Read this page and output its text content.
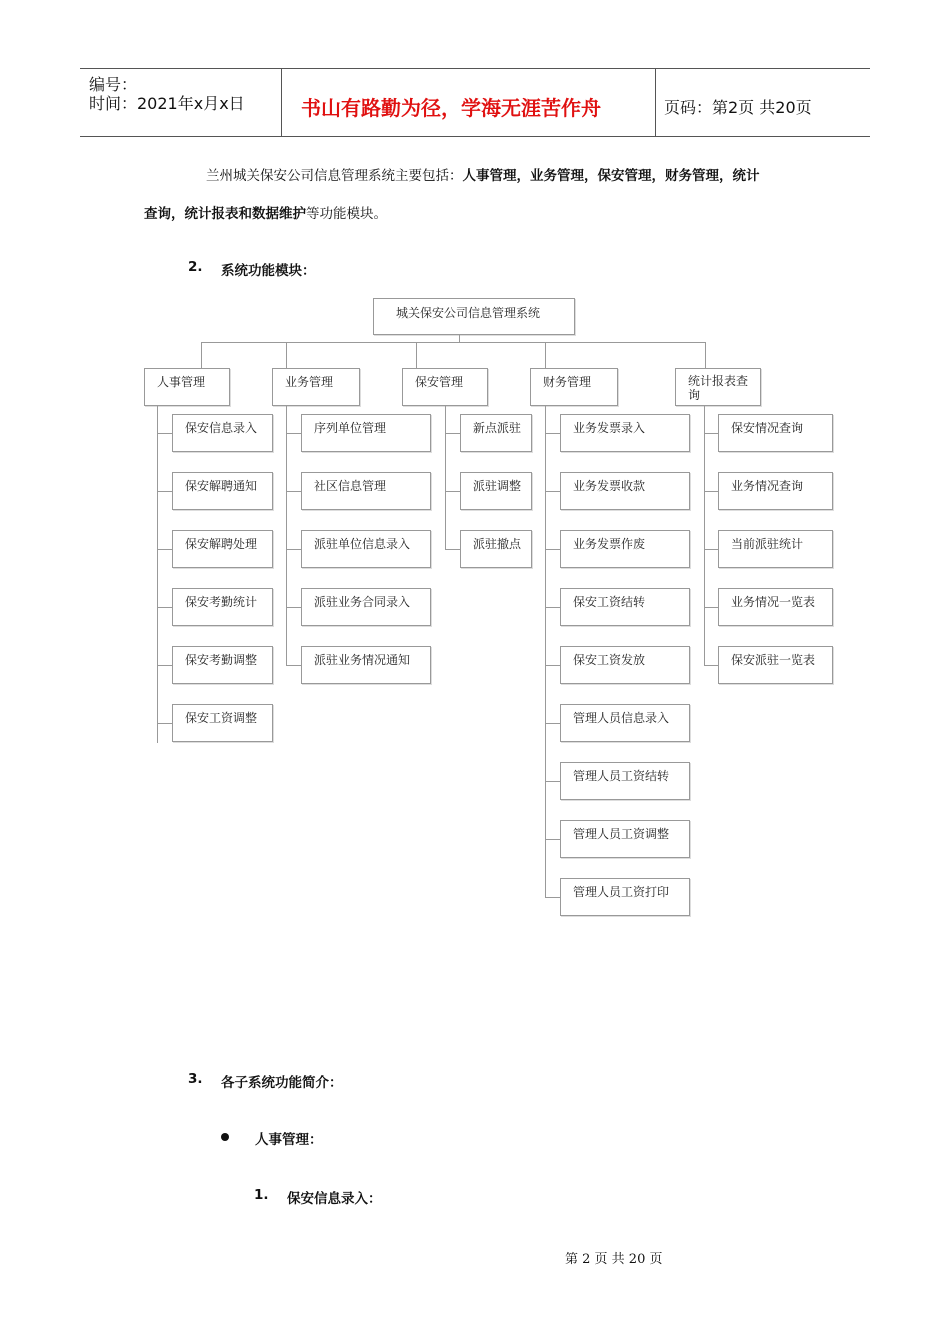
编号：
时间：2021年x月x日	书山有路勤为径，学海无涯苦作舟	页码：第2页 共20页
兰州城关保安公司信息管理系统主要包括：人事管理，业务管理，保安管理，财务管理，统计
查询，统计报表和数据维护等功能模块。
2. 系统功能模块：
城关保安公司信息管理系统
人事管理
保安信息录入
保安解聘通知
保安解聘处理
保安考勤统计
保安考勤调整
保安工资调整
业务管理
序列单位管理
社区信息管理
派驻单位信息录入
派驻业务合同录入
派驻业务情况通知
保安管理
新点派驻
派驻调整
派驻撤点
财务管理
业务发票录入
业务发票收款
业务发票作废
保安工资结转
保安工资发放
管理人员信息录入
管理人员工资结转
管理人员工资调整
管理人员工资打印
统计报表查询
保安情况查询
业务情况查询
当前派驻统计
业务情况一览表
保安派驻一览表
3. 各子系统功能简介：
人事管理：
1. 保安信息录入：
第 2 页 共 20 页
